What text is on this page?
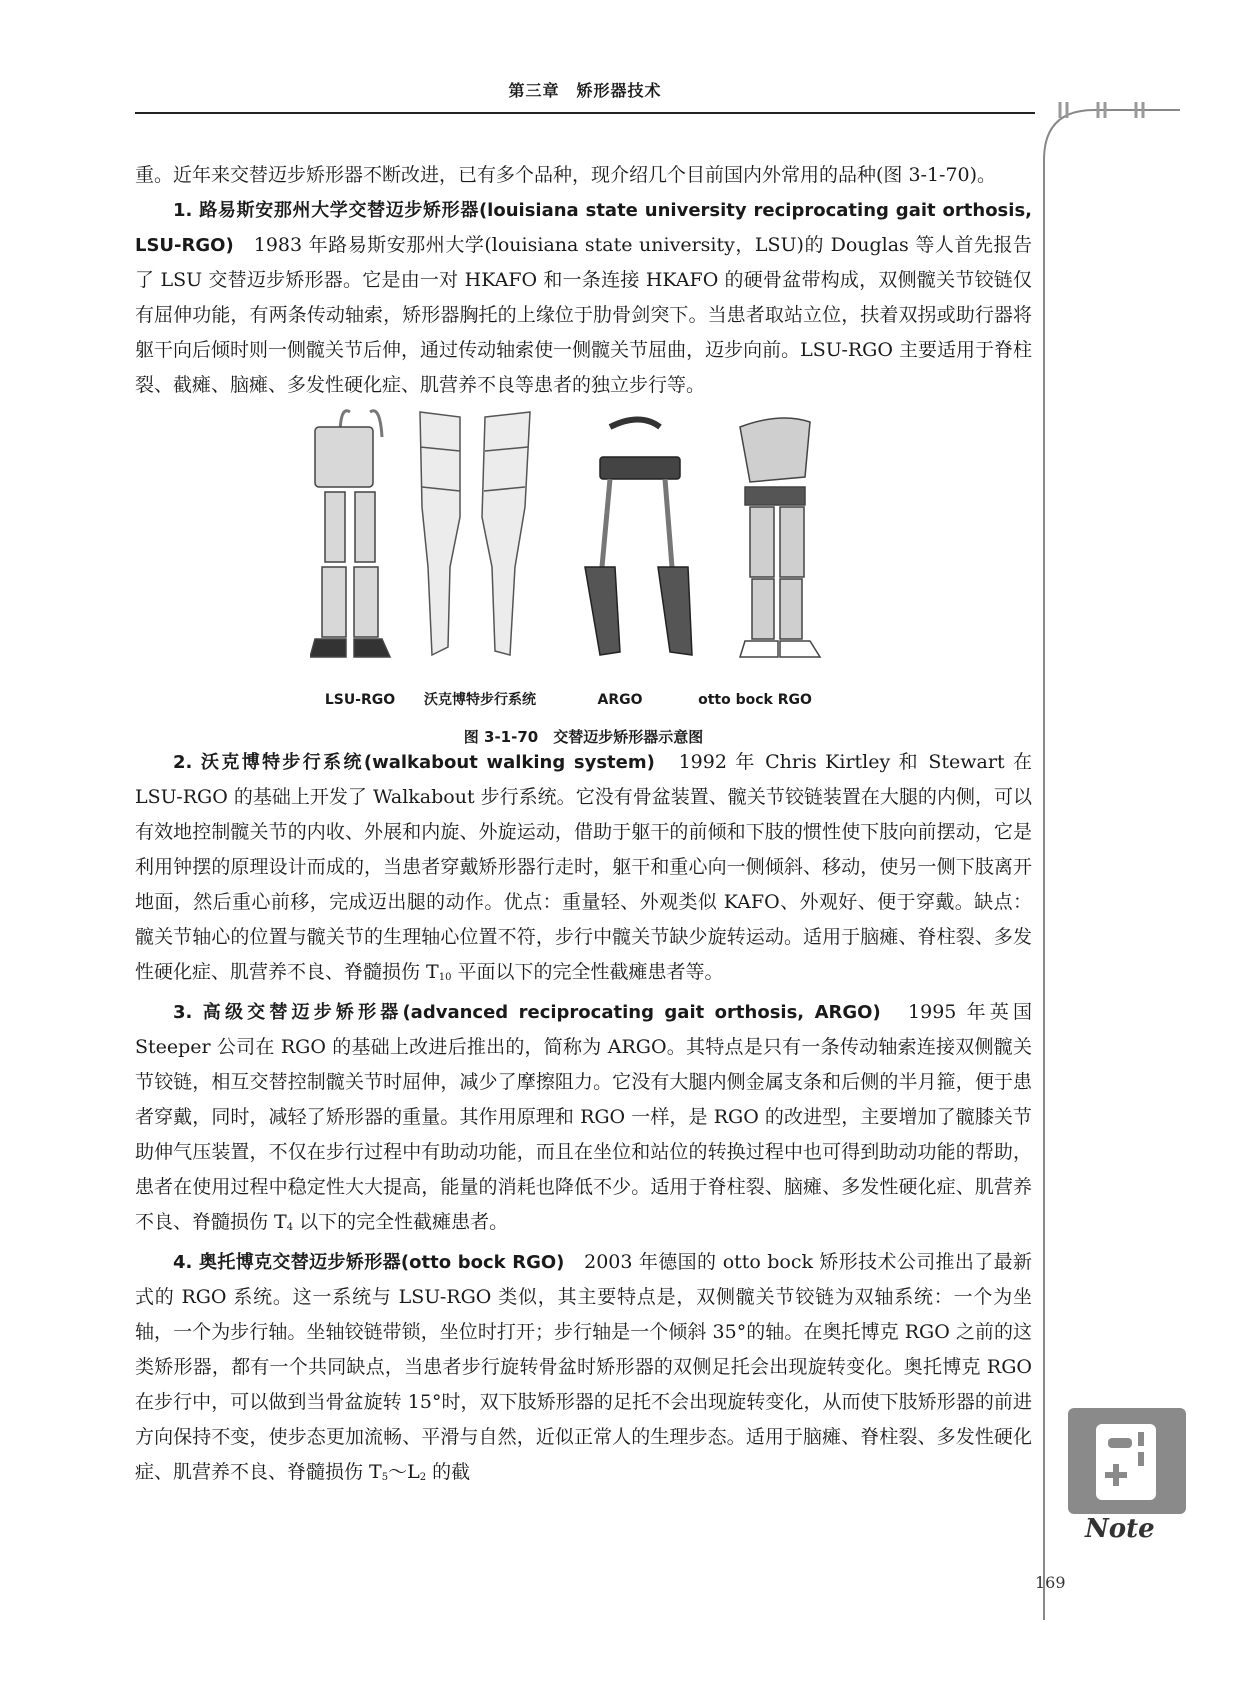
第三章　矫形器技术

重。近年来交替迈步矫形器不断改进，已有多个品种，现介绍几个目前国内外常用的品种(图 3-1-70)。

1. 路易斯安那州大学交替迈步矫形器(louisiana state university reciprocating gait orthosis, LSU-RGO)　1983 年路易斯安那州大学(louisiana state university，LSU)的 Douglas 等人首先报告了 LSU 交替迈步矫形器。它是由一对 HKAFO 和一条连接 HKAFO 的硬骨盆带构成，双侧髋关节铰链仅有屈伸功能，有两条传动轴索，矫形器胸托的上缘位于肋骨剑突下。当患者取站立位，扶着双拐或助行器将躯干向后倾时则一侧髋关节后伸，通过传动轴索使一侧髋关节屈曲，迈步向前。LSU-RGO 主要适用于脊柱裂、截瘫、脑瘫、多发性硬化症、肌营养不良等患者的独立步行等。

LSU-RGO	沃克博特步行系统	ARGO	otto bock RGO
图 3-1-70　交替迈步矫形器示意图

2. 沃克博特步行系统(walkabout walking system)　1992 年 Chris Kirtley 和 Stewart 在 LSU-RGO 的基础上开发了 Walkabout 步行系统。它没有骨盆装置、髋关节铰链装置在大腿的内侧，可以有效地控制髋关节的内收、外展和内旋、外旋运动，借助于躯干的前倾和下肢的惯性使下肢向前摆动，它是利用钟摆的原理设计而成的，当患者穿戴矫形器行走时，躯干和重心向一侧倾斜、移动，使另一侧下肢离开地面，然后重心前移，完成迈出腿的动作。优点：重量轻、外观类似 KAFO、外观好、便于穿戴。缺点：髋关节轴心的位置与髋关节的生理轴心位置不符，步行中髋关节缺少旋转运动。适用于脑瘫、脊柱裂、多发性硬化症、肌营养不良、脊髓损伤 $T_{10}$ 平面以下的完全性截瘫患者等。

3. 高级交替迈步矫形器(advanced reciprocating gait orthosis, ARGO)　1995 年英国 Steeper 公司在 RGO 的基础上改进后推出的，简称为 ARGO。其特点是只有一条传动轴索连接双侧髋关节铰链，相互交替控制髋关节时屈伸，减少了摩擦阻力。它没有大腿内侧金属支条和后侧的半月箍，便于患者穿戴，同时，减轻了矫形器的重量。其作用原理和 RGO 一样，是 RGO 的改进型，主要增加了髋膝关节助伸气压装置，不仅在步行过程中有助动功能，而且在坐位和站位的转换过程中也可得到助动功能的帮助，患者在使用过程中稳定性大大提高，能量的消耗也降低不少。适用于脊柱裂、脑瘫、多发性硬化症、肌营养不良、脊髓损伤 $T_4$ 以下的完全性截瘫患者。

4. 奥托博克交替迈步矫形器(otto bock RGO)　2003 年德国的 otto bock 矫形技术公司推出了最新式的 RGO 系统。这一系统与 LSU-RGO 类似，其主要特点是，双侧髋关节铰链为双轴系统：一个为坐轴，一个为步行轴。坐轴铰链带锁，坐位时打开；步行轴是一个倾斜 35°的轴。在奥托博克 RGO 之前的这类矫形器，都有一个共同缺点，当患者步行旋转骨盆时矫形器的双侧足托会出现旋转变化。奥托博克 RGO 在步行中，可以做到当骨盆旋转 15°时，双下肢矫形器的足托不会出现旋转变化，从而使下肢矫形器的前进方向保持不变，使步态更加流畅、平滑与自然，近似正常人的生理步态。适用于脑瘫、脊柱裂、多发性硬化症、肌营养不良、脊髓损伤 $T_5\sim L_2$ 的截

Note
169
